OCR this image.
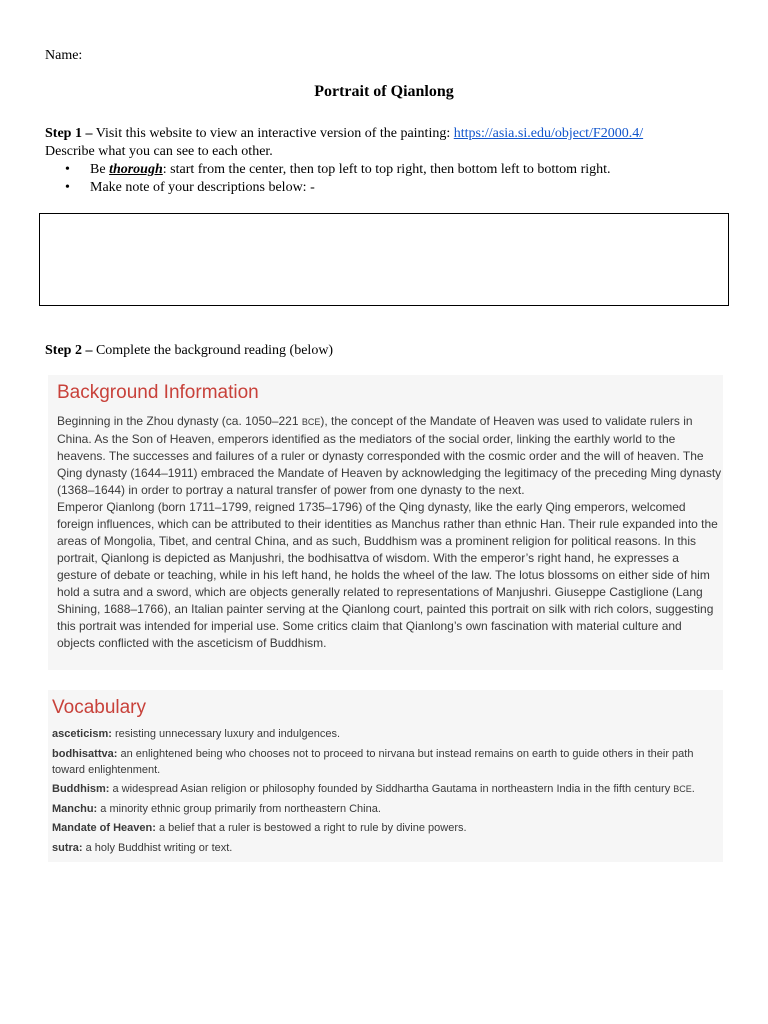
Name:
Portrait of Qianlong
Step 1 – Visit this website to view an interactive version of the painting: https://asia.si.edu/object/F2000.4/
Describe what you can see to each other.
• Be thorough: start from the center, then top left to top right, then bottom left to bottom right.
• Make note of your descriptions below: -
Step 2 – Complete the background reading (below)
Background Information
Beginning in the Zhou dynasty (ca. 1050–221 BCE), the concept of the Mandate of Heaven was used to validate rulers in China. As the Son of Heaven, emperors identified as the mediators of the social order, linking the earthly world to the heavens. The successes and failures of a ruler or dynasty corresponded with the cosmic order and the will of heaven. The Qing dynasty (1644–1911) embraced the Mandate of Heaven by acknowledging the legitimacy of the preceding Ming dynasty (1368–1644) in order to portray a natural transfer of power from one dynasty to the next.
Emperor Qianlong (born 1711–1799, reigned 1735–1796) of the Qing dynasty, like the early Qing emperors, welcomed foreign influences, which can be attributed to their identities as Manchus rather than ethnic Han. Their rule expanded into the areas of Mongolia, Tibet, and central China, and as such, Buddhism was a prominent religion for political reasons. In this portrait, Qianlong is depicted as Manjushri, the bodhisattva of wisdom. With the emperor’s right hand, he expresses a gesture of debate or teaching, while in his left hand, he holds the wheel of the law. The lotus blossoms on either side of him hold a sutra and a sword, which are objects generally related to representations of Manjushri. Giuseppe Castiglione (Lang Shining, 1688–1766), an Italian painter serving at the Qianlong court, painted this portrait on silk with rich colors, suggesting this portrait was intended for imperial use. Some critics claim that Qianlong’s own fascination with material culture and objects conflicted with the asceticism of Buddhism.
Vocabulary
asceticism: resisting unnecessary luxury and indulgences.
bodhisattva: an enlightened being who chooses not to proceed to nirvana but instead remains on earth to guide others in their path toward enlightenment.
Buddhism: a widespread Asian religion or philosophy founded by Siddhartha Gautama in northeastern India in the fifth century BCE.
Manchu: a minority ethnic group primarily from northeastern China.
Mandate of Heaven: a belief that a ruler is bestowed a right to rule by divine powers.
sutra: a holy Buddhist writing or text.
